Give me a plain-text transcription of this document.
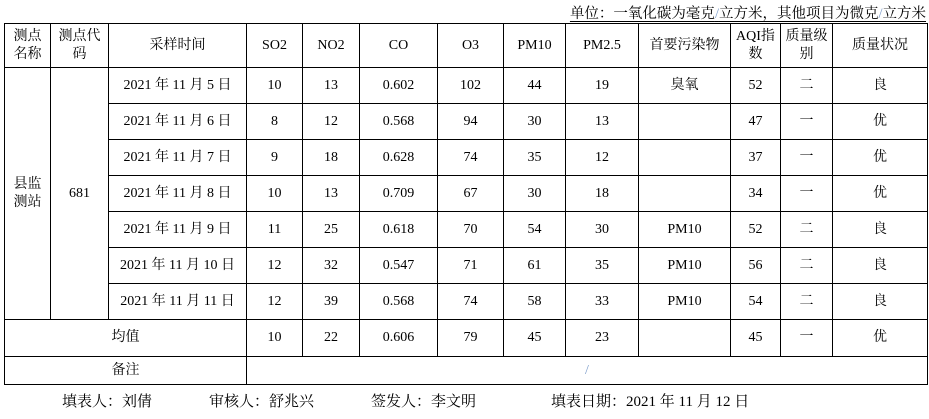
单位：一氧化碳为毫克/立方米，其他项目为微克/立方米
测点名称	测点代码	采样时间	SO2	NO2	CO	O3	PM10	PM2.5	首要污染物	AQI指数	质量级别	质量状况
县监测站	681	2021 年 11 月 5 日	10	13	0.602	102	44	19	臭氧	52	二	良
		2021 年 11 月 6 日	8	12	0.568	94	30	13		47	一	优
		2021 年 11 月 7 日	9	18	0.628	74	35	12		37	一	优
		2021 年 11 月 8 日	10	13	0.709	67	30	18		34	一	优
		2021 年 11 月 9 日	11	25	0.618	70	54	30	PM10	52	二	良
		2021 年 11 月 10 日	12	32	0.547	71	61	35	PM10	56	二	良
		2021 年 11 月 11 日	12	39	0.568	74	58	33	PM10	54	二	良
均值			10	22	0.606	79	45	23		45	一	优
备注			/									
填表人：刘倩	审核人：舒兆兴	签发人：李文明	填表日期：2021 年 11 月 12 日
